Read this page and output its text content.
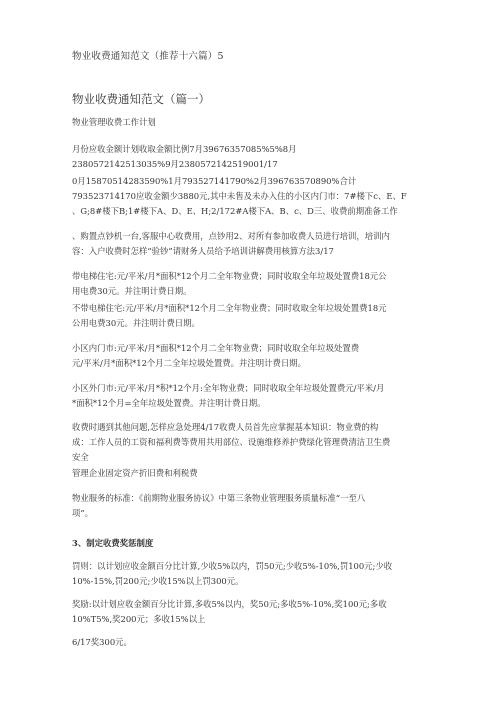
物业收费通知范文（推荐十六篇）5
物业收费通知范文（篇一）
物业管理收费工作计划
月份应收金额计划收取金额比例7月39676357085%5%8月
2380572142513035%9月2380572142519001/17
0月15870514283590%1月793527141790%2月396763570890%合计
793523714170应收金额少3880元,其中未售及未办入住的小区内门市：7#楼下c、E、F
、G;8#楼下B;1#楼下A、D、E、H;2/172#A楼下A、B、c、D三、收费前期准备工作
、购置点钞机一台,客服中心收费用，点钞用2、对所有参加收费人员进行培训，培训内
容：入户收费时怎样“验钞”请财务人员给予培训讲解费用核算方法3/17
带电梯住宅:元/平米/月*面积*12个月二全年物业费；同时收取全年垃圾处置费18元公
用电费30元。并注明计费日期。
不带电梯住宅:元/平米/月*面积*12个月二全年物业费；同时收取全年垃圾处置费18元
公用电费30元。并注明计费日期。
小区内门市:元/平米/月*面积*12个月二全年物业费；同时收取全年垃圾处置费
元/平米/月*面积*12个月二全年垃圾处置费。并注明计费日期。
小区外门市:元/平米/月*积*12个月:全年物业费；同时收取全年垃圾处置费元/平米/月
*面积*12个月=全年垃圾处置费。并注明计费日期。
收费时遇到其他问题,怎样应急处理4/17收费人员首先应掌握基本知识：物业费的构
成：工作人员的工资和福利费等费用共用部位、设施维修养护费绿化管理费清洁卫生费
安全
管理企业固定资产折旧费和利税费
物业服务的标准：《前期物业服务协议》中第三条物业管理服务质量标准“一至八
项”。
3、制定收费奖惩制度
罚则：以计划应收金额百分比计算,少收5%以内，罚50元;少收5%-10%,罚100元;少收
10%-15%,罚200元;少收15%以上罚300元。
奖励:以计划应收金额百分比计算,多收5%以内，奖50元;多收5%-10%,奖100元;多收
10%T5%,奖200元；多收15%以上
6/17奖300元。
